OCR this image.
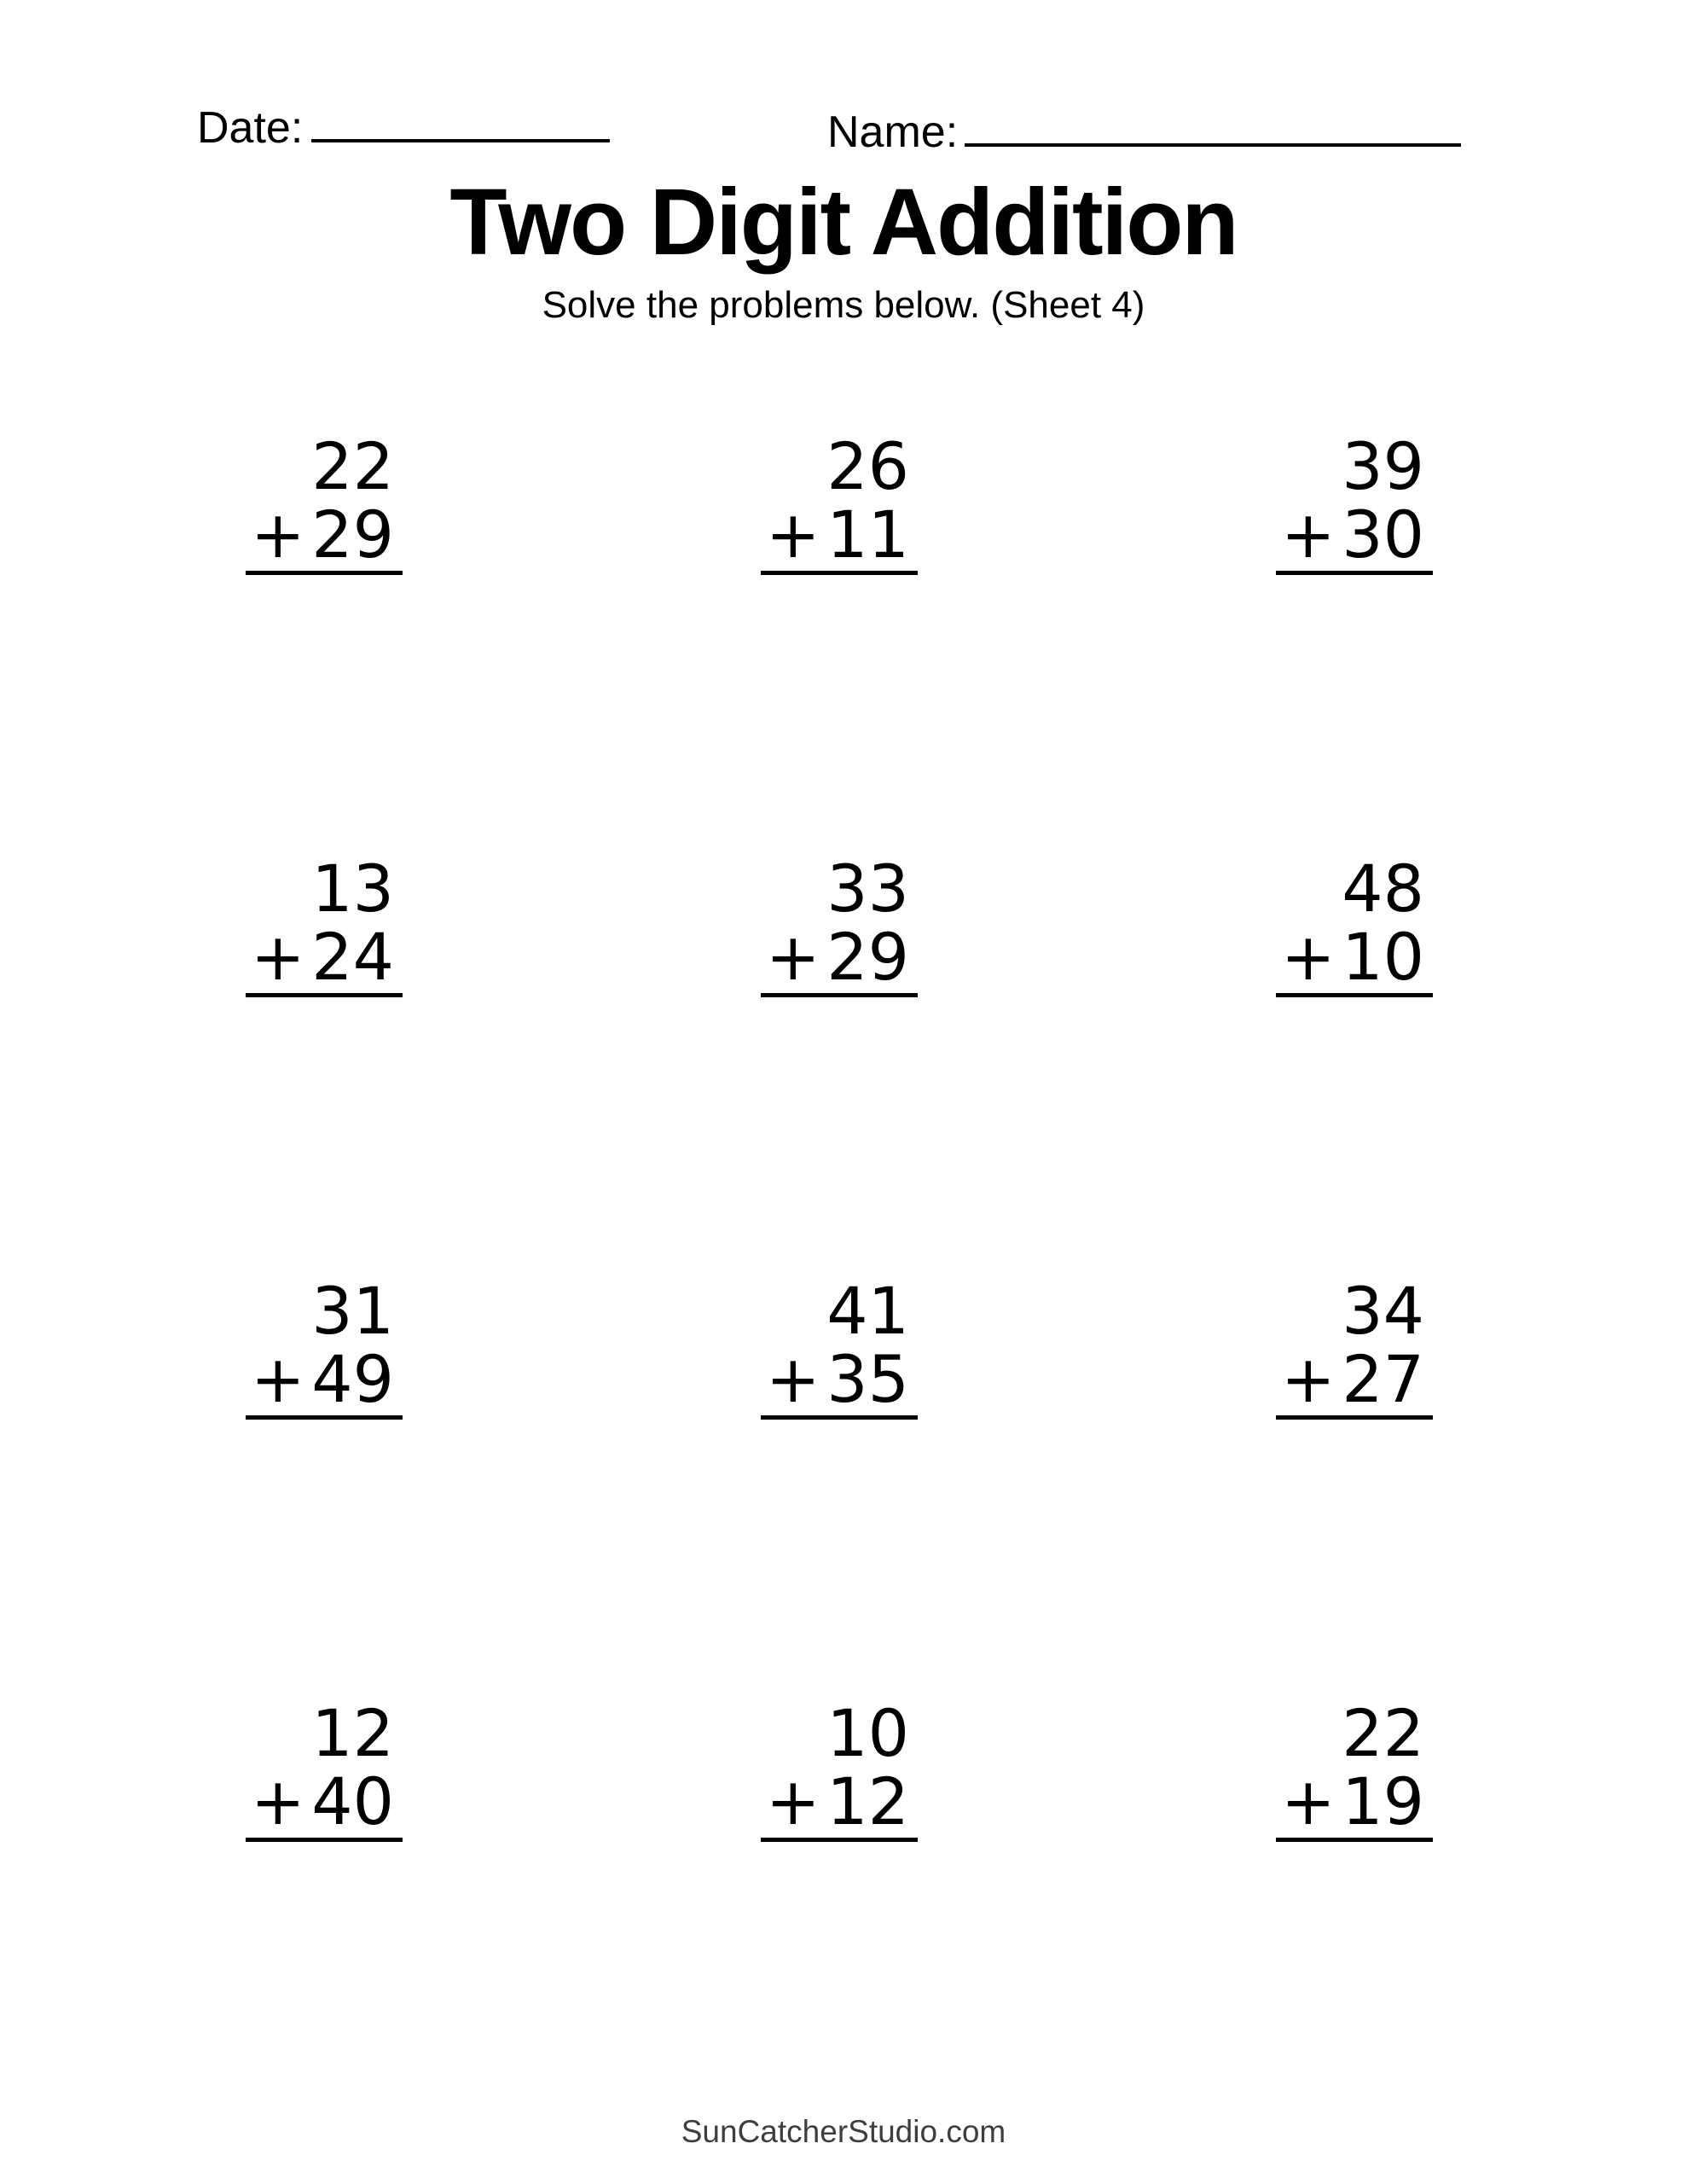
Date:	Name:
Two Digit Addition
Solve the problems below. (Sheet 4)
22
+ 29
26
+ 11
39
+ 30
13
+ 24
33
+ 29
48
+ 10
31
+ 49
41
+ 35
34
+ 27
12
+ 40
10
+ 12
22
+ 19
SunCatcherStudio.com
